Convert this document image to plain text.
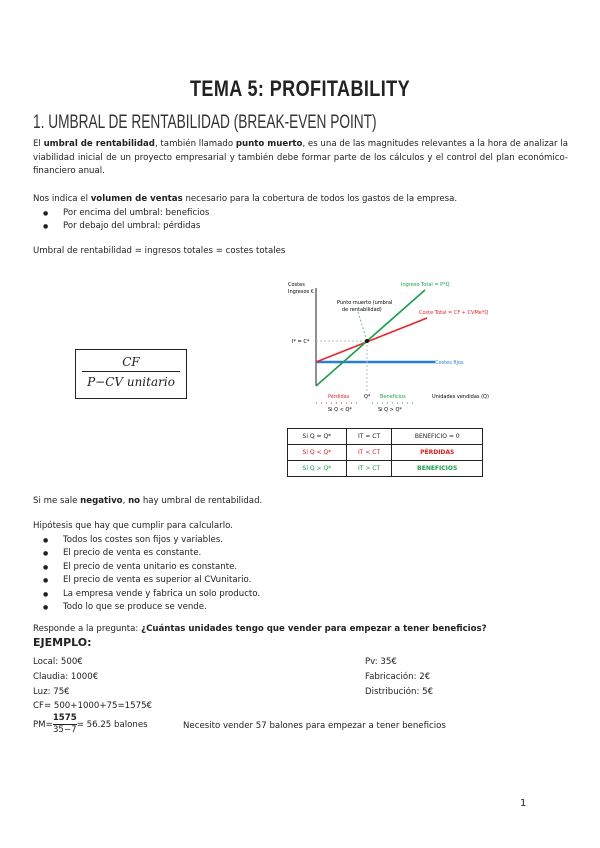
TEMA 5: PROFITABILITY
1. UMBRAL DE RENTABILIDAD (BREAK-EVEN POINT)

El umbral de rentabilidad, también llamado punto muerto, es una de las magnitudes relevantes a la hora de analizar la viabilidad inicial de un proyecto empresarial y también debe formar parte de los cálculos y el control del plan económico-financiero anual.

Nos indica el volumen de ventas necesario para la cobertura de todos los gastos de la empresa.

● Por encima del umbral: beneficios
● Por debajo del umbral: pérdidas

Umbral de rentabilidad = ingresos totales = costes totales

CF
P−CV unitario
Costes
Ingresos €
Ingreso Total = P*Q
Coste Total = CF + CVMe*Q
Costes fijos
Punto muerto (umbral
de rentabilidad)
I* = C*
Unidades vendidas (Q)
Pérdidas	Q* Beneficios
Si Q < Q*	Si Q > Q*
Si Q = Q*	IT = CT	BENEFICIO = 0
Si Q < Q*	IT < CT	PÉRDIDAS
Si Q > Q*	IT > CT	BENEFICIOS

Si me sale negativo, no hay umbral de rentabilidad.

Hipótesis que hay que cumplir para calcularlo.

● Todos los costes son fijos y variables.
● El precio de venta es constante.
● El precio de venta unitario es constante.
● El precio de venta es superior al CVunitario.
● La empresa vende y fabrica un solo producto.
● Todo lo que se produce se vende.

Responde a la pregunta: ¿Cuántas unidades tengo que vender para empezar a tener beneficios?

EJEMPLO:

Local: 500€

Claudia: 1000€

Luz: 75€

Pv: 35€

Fabricación: 2€

Distribución: 5€

CF= 500+1000+75=1575€

$PM= \frac{1575}{35-7} = 56.25$ balones	Necesito vender 57 balones para empezar a tener beneficios

1
